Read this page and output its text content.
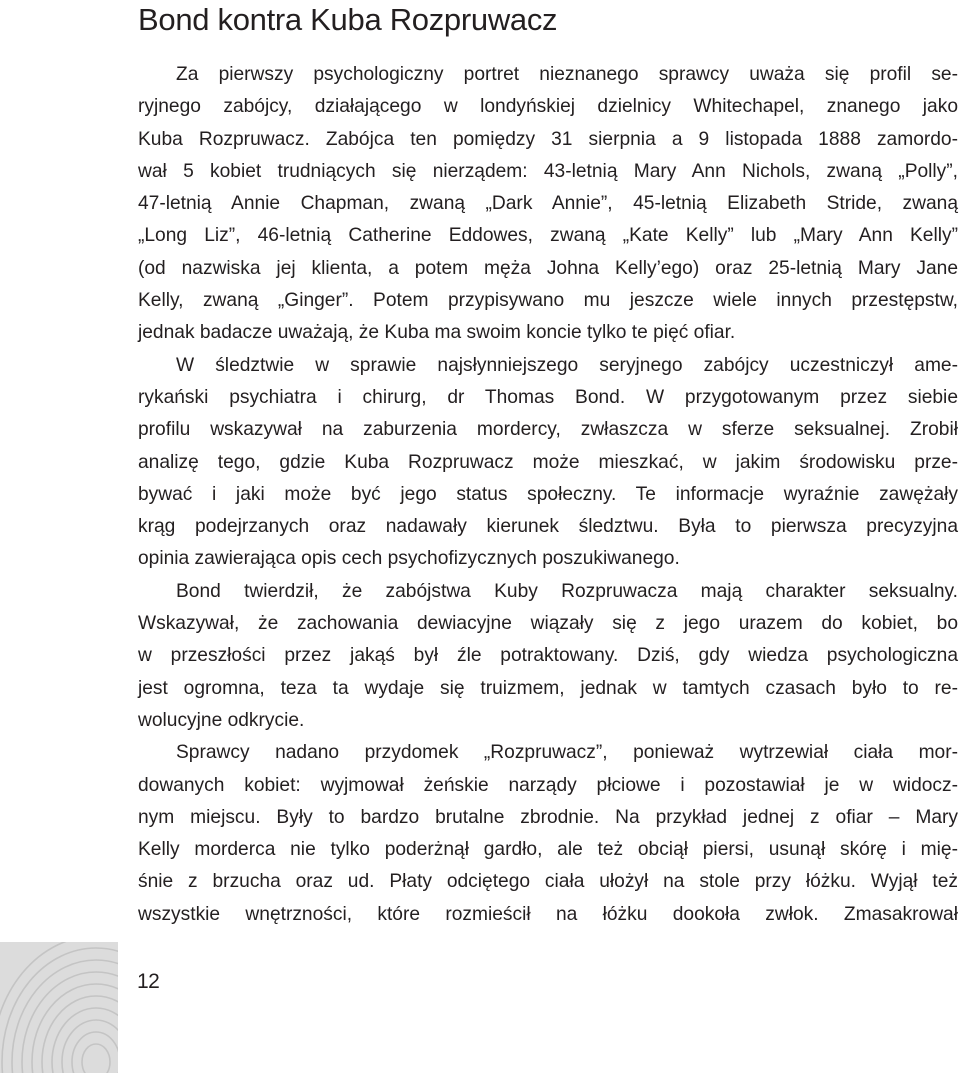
Bond kontra Kuba Rozpruwacz

Za pierwszy psychologiczny portret nieznanego sprawcy uważa się profil se-
ryjnego zabójcy, działającego w londyńskiej dzielnicy Whitechapel, znanego jako
Kuba Rozpruwacz. Zabójca ten pomiędzy 31 sierpnia a 9 listopada 1888 zamordo-
wał 5 kobiet trudniących się nierządem: 43-letnią Mary Ann Nichols, zwaną „Polly”,
47-letnią Annie Chapman, zwaną „Dark Annie”, 45-letnią Elizabeth Stride, zwaną
„Long Liz”, 46-letnią Catherine Eddowes, zwaną „Kate Kelly” lub „Mary Ann Kelly”
(od nazwiska jej klienta, a potem męża Johna Kelly’ego) oraz 25-letnią Mary Jane
Kelly, zwaną „Ginger”. Potem przypisywano mu jeszcze wiele innych przestępstw,
jednak badacze uważają, że Kuba ma swoim koncie tylko te pięć ofiar.

W śledztwie w sprawie najsłynniejszego seryjnego zabójcy uczestniczył ame-
rykański psychiatra i chirurg, dr Thomas Bond. W przygotowanym przez siebie
profilu wskazywał na zaburzenia mordercy, zwłaszcza w sferze seksualnej. Zrobił
analizę tego, gdzie Kuba Rozpruwacz może mieszkać, w jakim środowisku prze-
bywać i jaki może być jego status społeczny. Te informacje wyraźnie zawężały
krąg podejrzanych oraz nadawały kierunek śledztwu. Była to pierwsza precyzyjna
opinia zawierająca opis cech psychofizycznych poszukiwanego.

Bond twierdził, że zabójstwa Kuby Rozpruwacza mają charakter seksualny.
Wskazywał, że zachowania dewiacyjne wiązały się z jego urazem do kobiet, bo
w przeszłości przez jakąś był źle potraktowany. Dziś, gdy wiedza psychologiczna
jest ogromna, teza ta wydaje się truizmem, jednak w tamtych czasach było to re-
wolucyjne odkrycie.

Sprawcy nadano przydomek „Rozpruwacz”, ponieważ wytrzewiał ciała mor-
dowanych kobiet: wyjmował żeńskie narządy płciowe i pozostawiał je w widocz-
nym miejscu. Były to bardzo brutalne zbrodnie. Na przykład jednej z ofiar – Mary
Kelly morderca nie tylko poderżnął gardło, ale też obciął piersi, usunął skórę i mię-
śnie z brzucha oraz ud. Płaty odciętego ciała ułożył na stole przy łóżku. Wyjął też
wszystkie wnętrzności, które rozmieścił na łóżku dookoła zwłok. Zmasakrował

12
